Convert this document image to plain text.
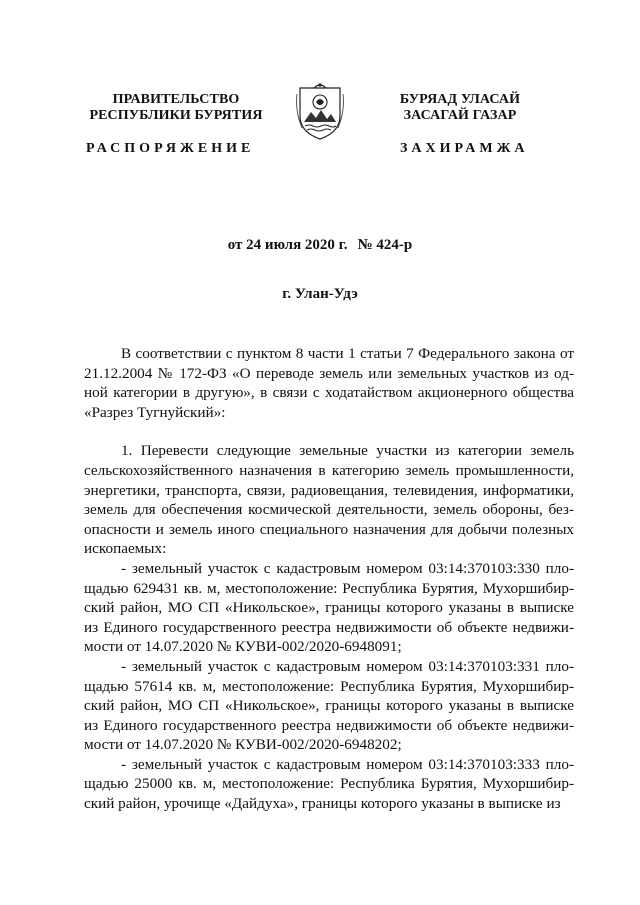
ПРАВИТЕЛЬСТВО
РЕСПУБЛИКИ БУРЯТИЯ
БУРЯАД УЛАСАЙ
ЗАСАГАЙ ГАЗАР
РАСПОРЯЖЕНИЕ	ЗАХИРАМЖА
от 24 июля 2020 г. № 424-р
г. Улан-Удэ

В соответствии с пунктом 8 части 1 статьи 7 Федерального закона от 21.12.2004 № 172-ФЗ «О переводе земель или земельных участков из одной категории в другую», в связи с ходатайством акционерного общества «Разрез Тугнуйский»:

1. Перевести следующие земельные участки из категории земель сельскохозяйственного назначения в категорию земель промышленности, энергетики, транспорта, связи, радиовещания, телевидения, информатики, земель для обеспечения космической деятельности, земель обороны, безопасности и земель иного специального назначения для добычи полезных ископаемых:

- земельный участок с кадастровым номером 03:14:370103:330 площадью 629431 кв. м, местоположение: Республика Бурятия, Мухоршибирский район, МО СП «Никольское», границы которого указаны в выписке из Единого государственного реестра недвижимости об объекте недвижимости от 14.07.2020 № КУВИ-002/2020-6948091;

- земельный участок с кадастровым номером 03:14:370103:331 площадью 57614 кв. м, местоположение: Республика Бурятия, Мухоршибирский район, МО СП «Никольское», границы которого указаны в выписке из Единого государственного реестра недвижимости об объекте недвижимости от 14.07.2020 № КУВИ-002/2020-6948202;

- земельный участок с кадастровым номером 03:14:370103:333 площадью 25000 кв. м, местоположение: Республика Бурятия, Мухоршибирский район, урочище «Дайдуха», границы которого указаны в выписке из
